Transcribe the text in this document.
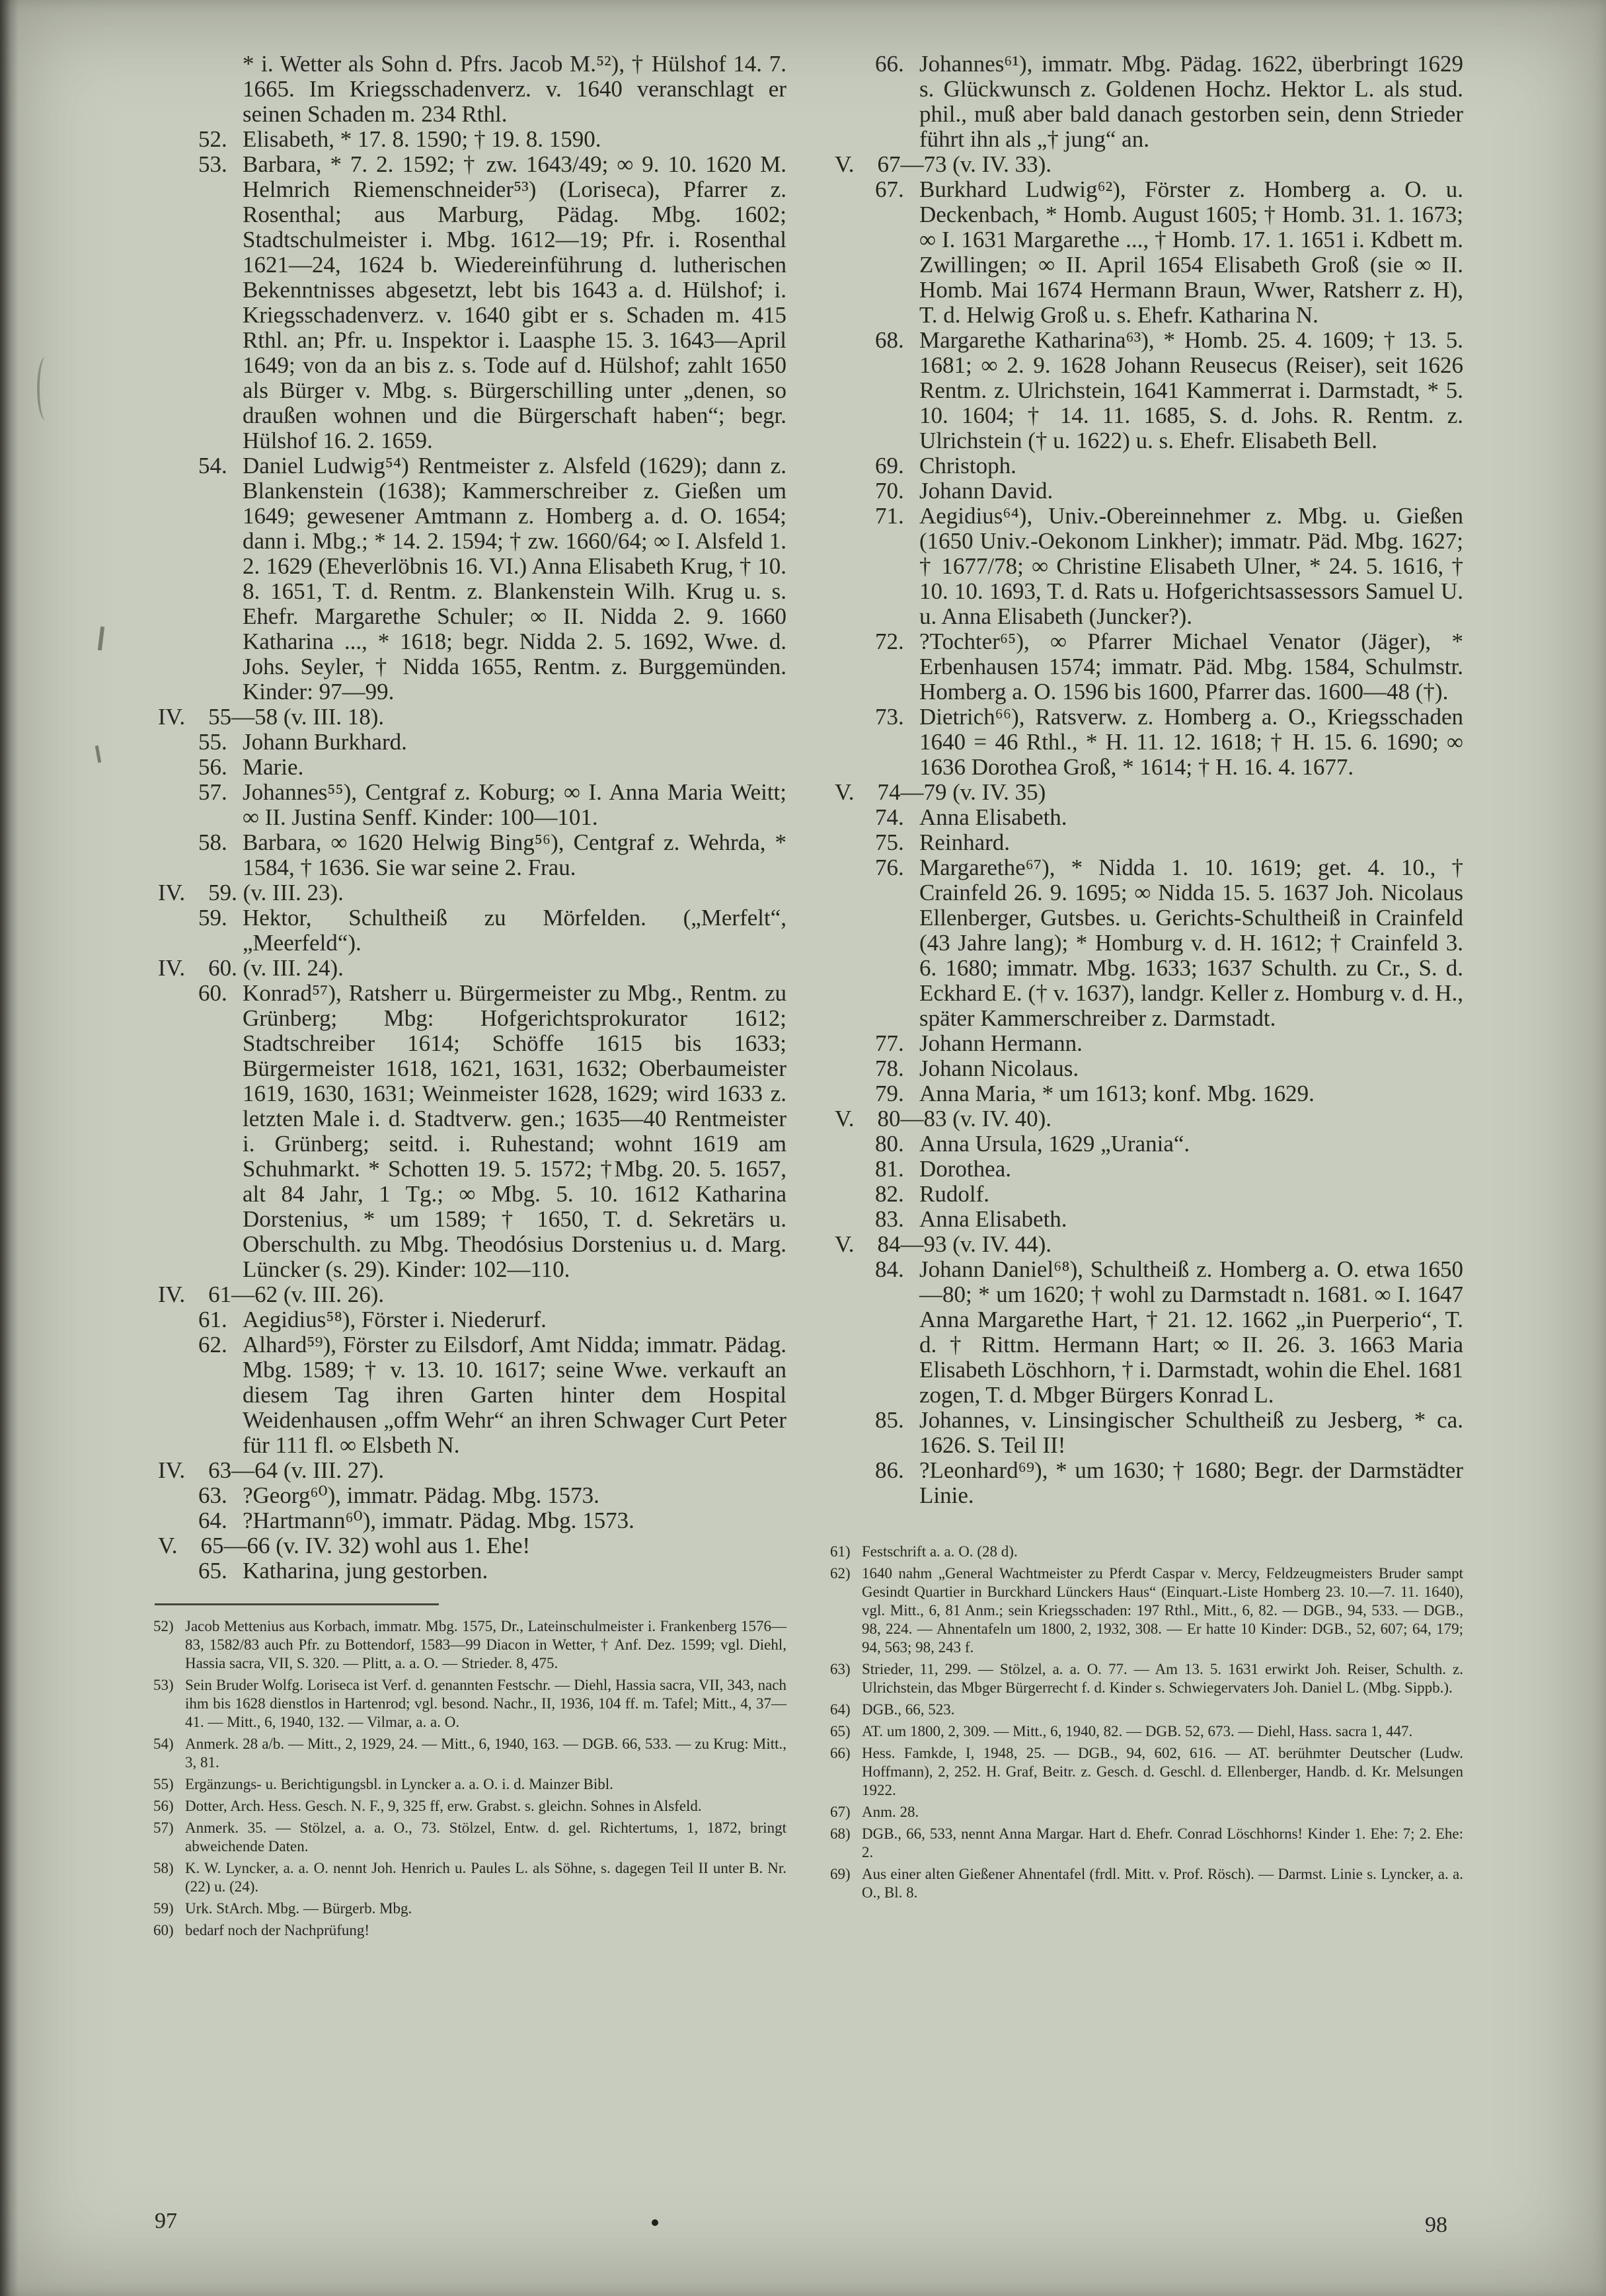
* i. Wetter als Sohn d. Pfrs. Jacob M.⁵²), † Hülshof 14. 7. 1665. Im Kriegsschadenverz. v. 1640 veranschlagt er seinen Schaden m. 234 Rthl.

52. Elisabeth, * 17. 8. 1590; † 19. 8. 1590.

53. Barbara, * 7. 2. 1592; † zw. 1643/49; ∞ 9. 10. 1620 M. Helmrich Riemenschneider⁵³) (Loriseca), Pfarrer z. Rosenthal; aus Marburg, Pädag. Mbg. 1602; Stadtschulmeister i. Mbg. 1612—19; Pfr. i. Rosenthal 1621—24, 1624 b. Wiedereinführung d. lutherischen Bekenntnisses abgesetzt, lebt bis 1643 a. d. Hülshof; i. Kriegsschadenverz. v. 1640 gibt er s. Schaden m. 415 Rthl. an; Pfr. u. Inspektor i. Laasphe 15. 3. 1643—April 1649; von da an bis z. s. Tode auf d. Hülshof; zahlt 1650 als Bürger v. Mbg. s. Bürgerschilling unter „denen, so draußen wohnen und die Bürgerschaft haben“; begr. Hülshof 16. 2. 1659.

54. Daniel Ludwig⁵⁴) Rentmeister z. Alsfeld (1629); dann z. Blankenstein (1638); Kammerschreiber z. Gießen um 1649; gewesener Amtmann z. Homberg a. d. O. 1654; dann i. Mbg.; * 14. 2. 1594; † zw. 1660/64; ∞ I. Alsfeld 1. 2. 1629 (Eheverlöbnis 16. VI.) Anna Elisabeth Krug, † 10. 8. 1651, T. d. Rentm. z. Blankenstein Wilh. Krug u. s. Ehefr. Margarethe Schuler; ∞ II. Nidda 2. 9. 1660 Katharina ..., * 1618; begr. Nidda 2. 5. 1692, Wwe. d. Johs. Seyler, † Nidda 1655, Rentm. z. Burggemünden. Kinder: 97—99.

IV. 55—58 (v. III. 18).

55. Johann Burkhard.

56. Marie.

57. Johannes⁵⁵), Centgraf z. Koburg; ∞ I. Anna Maria Weitt; ∞ II. Justina Senff. Kinder: 100—101.

58. Barbara, ∞ 1620 Helwig Bing⁵⁶), Centgraf z. Wehrda, * 1584, † 1636. Sie war seine 2. Frau.

IV. 59. (v. III. 23).

59. Hektor, Schultheiß zu Mörfelden. („Merfelt“, „Meerfeld“).

IV. 60. (v. III. 24).

60. Konrad⁵⁷), Ratsherr u. Bürgermeister zu Mbg., Rentm. zu Grünberg; Mbg: Hofgerichtsprokurator 1612; Stadtschreiber 1614; Schöffe 1615 bis 1633; Bürgermeister 1618, 1621, 1631, 1632; Oberbaumeister 1619, 1630, 1631; Weinmeister 1628, 1629; wird 1633 z. letzten Male i. d. Stadtverw. gen.; 1635—40 Rentmeister i. Grünberg; seitd. i. Ruhestand; wohnt 1619 am Schuhmarkt. * Schotten 19. 5. 1572; †Mbg. 20. 5. 1657, alt 84 Jahr, 1 Tg.; ∞ Mbg. 5. 10. 1612 Katharina Dorstenius, * um 1589; † 1650, T. d. Sekretärs u. Oberschulth. zu Mbg. Theodósius Dorstenius u. d. Marg. Lüncker (s. 29). Kinder: 102—110.

IV. 61—62 (v. III. 26).

61. Aegidius⁵⁸), Förster i. Niederurf.

62. Alhard⁵⁹), Förster zu Eilsdorf, Amt Nidda; immatr. Pädag. Mbg. 1589; † v. 13. 10. 1617; seine Wwe. verkauft an diesem Tag ihren Garten hinter dem Hospital Weidenhausen „offm Wehr“ an ihren Schwager Curt Peter für 111 fl. ∞ Elsbeth N.

IV. 63—64 (v. III. 27).

63. ?Georg⁶⁰), immatr. Pädag. Mbg. 1573.

64. ?Hartmann⁶⁰), immatr. Pädag. Mbg. 1573.

V. 65—66 (v. IV. 32) wohl aus 1. Ehe!

65. Katharina, jung gestorben.

52) Jacob Mettenius aus Korbach, immatr. Mbg. 1575, Dr., Lateinschulmeister i. Frankenberg 1576—83, 1582/83 auch Pfr. zu Bottendorf, 1583—99 Diacon in Wetter, † Anf. Dez. 1599; vgl. Diehl, Hassia sacra, VII, S. 320. — Plitt, a. a. O. — Strieder. 8, 475.

53) Sein Bruder Wolfg. Loriseca ist Verf. d. genannten Festschr. — Diehl, Hassia sacra, VII, 343, nach ihm bis 1628 dienstlos in Hartenrod; vgl. besond. Nachr., II, 1936, 104 ff. m. Tafel; Mitt., 4, 37—41. — Mitt., 6, 1940, 132. — Vilmar, a. a. O.

54) Anmerk. 28 a/b. — Mitt., 2, 1929, 24. — Mitt., 6, 1940, 163. — DGB. 66, 533. — zu Krug: Mitt., 3, 81.

55) Ergänzungs- u. Berichtigungsbl. in Lyncker a. a. O. i. d. Mainzer Bibl.

56) Dotter, Arch. Hess. Gesch. N. F., 9, 325 ff, erw. Grabst. s. gleichn. Sohnes in Alsfeld.

57) Anmerk. 35. — Stölzel, a. a. O., 73. Stölzel, Entw. d. gel. Richtertums, 1, 1872, bringt abweichende Daten.

58) K. W. Lyncker, a. a. O. nennt Joh. Henrich u. Paules L. als Söhne, s. dagegen Teil II unter B. Nr. (22) u. (24).

59) Urk. StArch. Mbg. — Bürgerb. Mbg.

60) bedarf noch der Nachprüfung!

66. Johannes⁶¹), immatr. Mbg. Pädag. 1622, überbringt 1629 s. Glückwunsch z. Goldenen Hochz. Hektor L. als stud. phil., muß aber bald danach gestorben sein, denn Strieder führt ihn als „† jung“ an.

V. 67—73 (v. IV. 33).

67. Burkhard Ludwig⁶²), Förster z. Homberg a. O. u. Deckenbach, * Homb. August 1605; † Homb. 31. 1. 1673; ∞ I. 1631 Margarethe ..., † Homb. 17. 1. 1651 i. Kdbett m. Zwillingen; ∞ II. April 1654 Elisabeth Groß (sie ∞ II. Homb. Mai 1674 Hermann Braun, Wwer, Ratsherr z. H), T. d. Helwig Groß u. s. Ehefr. Katharina N.

68. Margarethe Katharina⁶³), * Homb. 25. 4. 1609; † 13. 5. 1681; ∞ 2. 9. 1628 Johann Reusecus (Reiser), seit 1626 Rentm. z. Ulrichstein, 1641 Kammerrat i. Darmstadt, * 5. 10. 1604; † 14. 11. 1685, S. d. Johs. R. Rentm. z. Ulrichstein († u. 1622) u. s. Ehefr. Elisabeth Bell.

69. Christoph.

70. Johann David.

71. Aegidius⁶⁴), Univ.-Obereinnehmer z. Mbg. u. Gießen (1650 Univ.-Oekonom Linkher); immatr. Päd. Mbg. 1627; † 1677/78; ∞ Christine Elisabeth Ulner, * 24. 5. 1616, † 10. 10. 1693, T. d. Rats u. Hofgerichtsassessors Samuel U. u. Anna Elisabeth (Juncker?).

72. ?Tochter⁶⁵), ∞ Pfarrer Michael Venator (Jäger), * Erbenhausen 1574; immatr. Päd. Mbg. 1584, Schulmstr. Homberg a. O. 1596 bis 1600, Pfarrer das. 1600—48 (†).

73. Dietrich⁶⁶), Ratsverw. z. Homberg a. O., Kriegsschaden 1640 = 46 Rthl., * H. 11. 12. 1618; † H. 15. 6. 1690; ∞ 1636 Dorothea Groß, * 1614; † H. 16. 4. 1677.

V. 74—79 (v. IV. 35)

74. Anna Elisabeth.

75. Reinhard.

76. Margarethe⁶⁷), * Nidda 1. 10. 1619; get. 4. 10., † Crainfeld 26. 9. 1695; ∞ Nidda 15. 5. 1637 Joh. Nicolaus Ellenberger, Gutsbes. u. Gerichts-Schultheiß in Crainfeld (43 Jahre lang); * Homburg v. d. H. 1612; † Crainfeld 3. 6. 1680; immatr. Mbg. 1633; 1637 Schulth. zu Cr., S. d. Eckhard E. († v. 1637), landgr. Keller z. Homburg v. d. H., später Kammerschreiber z. Darmstadt.

77. Johann Hermann.

78. Johann Nicolaus.

79. Anna Maria, * um 1613; konf. Mbg. 1629.

V. 80—83 (v. IV. 40).

80. Anna Ursula, 1629 „Urania“.

81. Dorothea.

82. Rudolf.

83. Anna Elisabeth.

V. 84—93 (v. IV. 44).

84. Johann Daniel⁶⁸), Schultheiß z. Homberg a. O. etwa 1650—80; * um 1620; † wohl zu Darmstadt n. 1681. ∞ I. 1647 Anna Margarethe Hart, † 21. 12. 1662 „in Puerperio“, T. d. † Rittm. Hermann Hart; ∞ II. 26. 3. 1663 Maria Elisabeth Löschhorn, † i. Darmstadt, wohin die Ehel. 1681 zogen, T. d. Mbger Bürgers Konrad L.

85. Johannes, v. Linsingischer Schultheiß zu Jesberg, * ca. 1626. S. Teil II!

86. ?Leonhard⁶⁹), * um 1630; † 1680; Begr. der Darmstädter Linie.

61) Festschrift a. a. O. (28 d).

62) 1640 nahm „General Wachtmeister zu Pferdt Caspar v. Mercy, Feldzeugmeisters Bruder sampt Gesindt Quartier in Burckhard Lünckers Haus“ (Einquart.-Liste Homberg 23. 10.—7. 11. 1640), vgl. Mitt., 6, 81 Anm.; sein Kriegsschaden: 197 Rthl., Mitt., 6, 82. — DGB., 94, 533. — DGB., 98, 224. — Ahnentafeln um 1800, 2, 1932, 308. — Er hatte 10 Kinder: DGB., 52, 607; 64, 179; 94, 563; 98, 243 f.

63) Strieder, 11, 299. — Stölzel, a. a. O. 77. — Am 13. 5. 1631 erwirkt Joh. Reiser, Schulth. z. Ulrichstein, das Mbger Bürgerrecht f. d. Kinder s. Schwiegervaters Joh. Daniel L. (Mbg. Sippb.).

64) DGB., 66, 523.

65) AT. um 1800, 2, 309. — Mitt., 6, 1940, 82. — DGB. 52, 673. — Diehl, Hass. sacra 1, 447.

66) Hess. Famkde, I, 1948, 25. — DGB., 94, 602, 616. — AT. berühmter Deutscher (Ludw. Hoffmann), 2, 252. H. Graf, Beitr. z. Gesch. d. Geschl. d. Ellenberger, Handb. d. Kr. Melsungen 1922.

67) Anm. 28.

68) DGB., 66, 533, nennt Anna Margar. Hart d. Ehefr. Conrad Löschhorns! Kinder 1. Ehe: 7; 2. Ehe: 2.

69) Aus einer alten Gießener Ahnentafel (frdl. Mitt. v. Prof. Rösch). — Darmst. Linie s. Lyncker, a. a. O., Bl. 8.

97	98
